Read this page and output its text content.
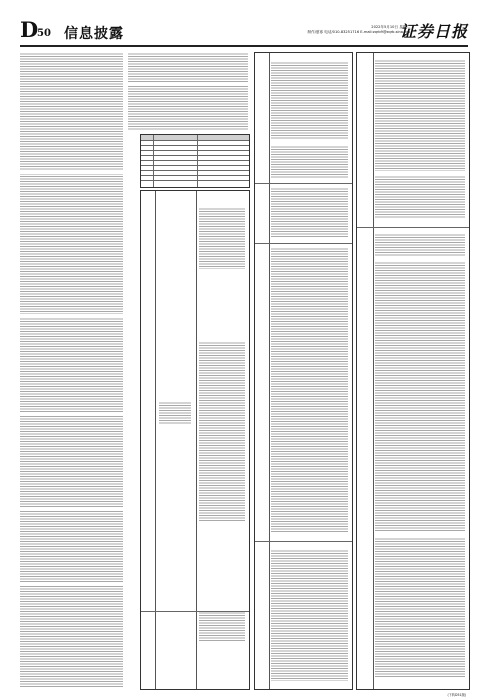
D
50 信息披露	2022年5月10日 星期二
制作/夏寒 电话/010-83251716 E-mail:zqrb9@zqrb.sina.net
证券日报
(下转D51版)
